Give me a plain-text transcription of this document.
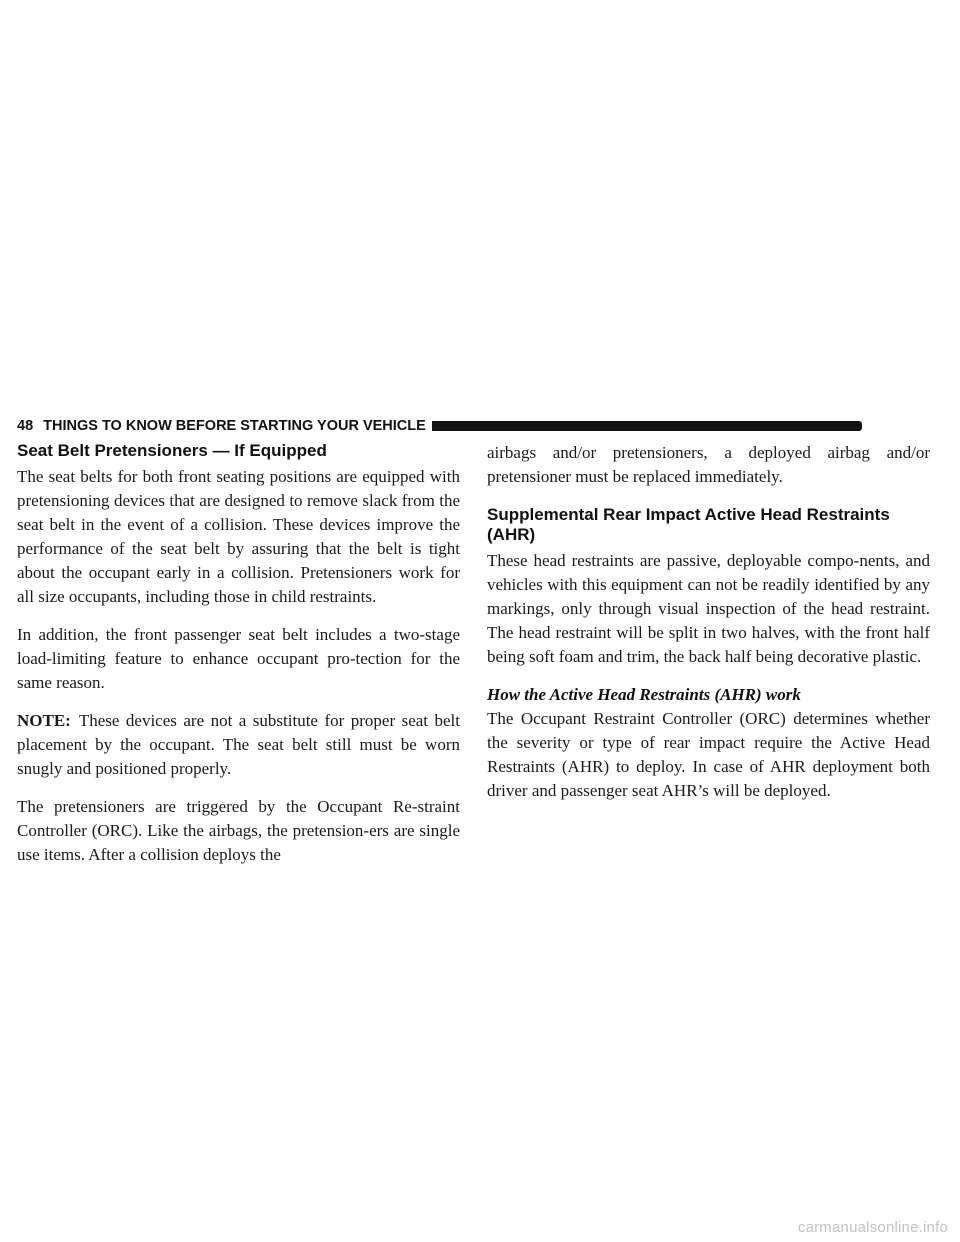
48 THINGS TO KNOW BEFORE STARTING YOUR VEHICLE
Seat Belt Pretensioners — If Equipped

The seat belts for both front seating positions are equipped with pretensioning devices that are designed to remove slack from the seat belt in the event of a collision. These devices improve the performance of the seat belt by assuring that the belt is tight about the occupant early in a collision. Pretensioners work for all size occupants, including those in child restraints.

In addition, the front passenger seat belt includes a two-stage load-limiting feature to enhance occupant pro-tection for the same reason.

NOTE: These devices are not a substitute for proper seat belt placement by the occupant. The seat belt still must be worn snugly and positioned properly.

The pretensioners are triggered by the Occupant Re-straint Controller (ORC). Like the airbags, the pretension-ers are single use items. After a collision deploys the

airbags and/or pretensioners, a deployed airbag and/or pretensioner must be replaced immediately.

Supplemental Rear Impact Active Head Restraints (AHR)

These head restraints are passive, deployable compo-nents, and vehicles with this equipment can not be readily identified by any markings, only through visual inspection of the head restraint. The head restraint will be split in two halves, with the front half being soft foam and trim, the back half being decorative plastic.

How the Active Head Restraints (AHR) work

The Occupant Restraint Controller (ORC) determines whether the severity or type of rear impact require the Active Head Restraints (AHR) to deploy. In case of AHR deployment both driver and passenger seat AHR’s will be deployed.

carmanualsonline.info
